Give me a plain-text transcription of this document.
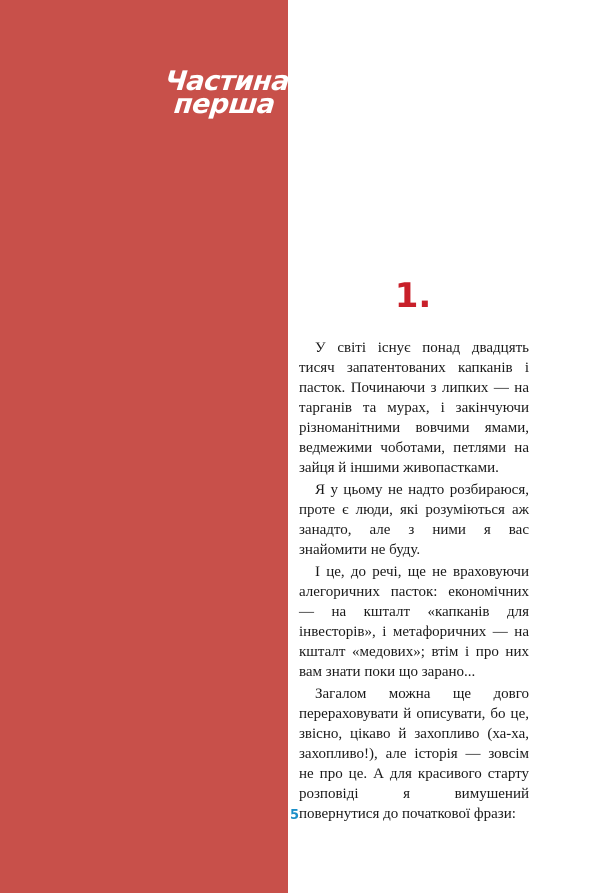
Частина
перша
1.

У світі існує понад двадцять тисяч запатентованих капканів і пасток. Починаючи з липких — на тарганів та мурах, і закінчуючи різноманітними вовчими ямами, ведмежими чоботами, петлями на зайця й іншими живопастками.

Я у цьому не надто розбираюся, проте є люди, які розуміються аж занадто, але з ними я вас знайомити не буду.

І це, до речі, ще не враховуючи алегоричних пасток: економічних — на кшталт «капканів для інвесторів», і метафоричних — на кшталт «медових»; втім і про них вам знати поки що зарано...

Загалом можна ще довго перераховувати й описувати, бо це, звісно, цікаво й захопливо (ха-ха, захопливо!), але історія — зовсім не про це. А для красивого старту розповіді я вимушений повернутися до початкової фрази:

5
